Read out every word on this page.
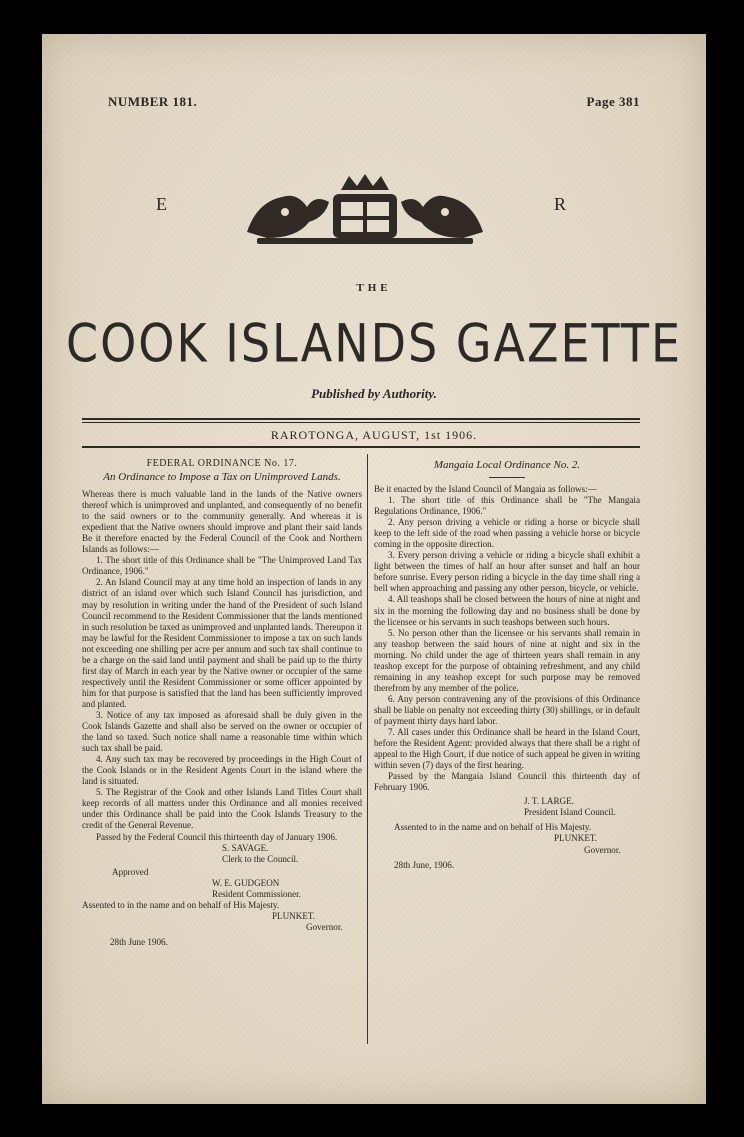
NUMBER 181.	Page 381
E	R
THE
COOK ISLANDS GAZETTE
Published by Authority.
RAROTONGA, AUGUST, 1st 1906.
FEDERAL ORDINANCE No. 17.
An Ordinance to Impose a Tax on Unimproved Lands.

Whereas there is much valuable land in the lands of the Native owners thereof which is unimproved and unplanted, and consequently of no benefit to the said owners or to the community generally. And whereas it is expedient that the Native owners should improve and plant their said lands Be it therefore enacted by the Federal Council of the Cook and Northern Islands as follows:—

1. The short title of this Ordinance shall be "The Unimproved Land Tax Ordinance, 1906."

2. An Island Council may at any time hold an inspection of lands in any district of an island over which such Island Council has jurisdiction, and may by resolution in writing under the hand of the President of such Island Council recommend to the Resident Commissioner that the lands mentioned in such resolution be taxed as unimproved and unplanted lands. Thereupon it may be lawful for the Resident Commissioner to impose a tax on such lands not exceeding one shilling per acre per annum and such tax shall continue to be a charge on the said land until payment and shall be paid up to the thirty first day of March in each year by the Native owner or occupier of the same respectively until the Resident Commissioner or some officer appointed by him for that purpose is satisfied that the land has been sufficiently improved and planted.

3. Notice of any tax imposed as aforesaid shall be duly given in the Cook Islands Gazette and shall also be served on the owner or occupier of the land so taxed. Such notice shall name a reasonable time within which such tax shall be paid.

4. Any such tax may be recovered by proceedings in the High Court of the Cook Islands or in the Resident Agents Court in the island where the land is situated.

5. The Registrar of the Cook and other Islands Land Titles Court shall keep records of all matters under this Ordinance and all monies received under this Ordinance shall be paid into the Cook Islands Treasury to the credit of the General Revenue.

Passed by the Federal Council this thirteenth day of January 1906.

S. SAVAGE.
Clerk to the Council.
Approved
W. E. GUDGEON
Resident Commissioner.
Assented to in the name and on behalf of His Majesty.
PLUNKET.
Governor.
28th June 1906.
Mangaia Local Ordinance No. 2.

Be it enacted by the Island Council of Mangaia as follows:—

1. The short title of this Ordinance shall be "The Mangaia Regulations Ordinance, 1906."

2. Any person driving a vehicle or riding a horse or bicycle shall keep to the left side of the road when passing a vehicle horse or bicycle coming in the opposite direction.

3. Every person driving a vehicle or riding a bicycle shall exhibit a light between the times of half an hour after sunset and half an hour before sunrise. Every person riding a bicycle in the day time shall ring a bell when approaching and passing any other person, bicycle, or vehicle.

4. All teashops shall be closed between the hours of nine at night and six in the morning the following day and no business shall be done by the licensee or his servants in such teashops between such hours.

5. No person other than the licensee or his servants shall remain in any teashop between the said hours of nine at night and six in the morning. No child under the age of thirteen years shall remain in any teashop except for the purpose of obtaining refreshment, and any child remaining in any teashop except for such purpose may be removed therefrom by any member of the police.

6. Any person contravening any of the provisions of this Ordinance shall be liable on penalty not exceeding thirty (30) shillings, or in default of payment thirty days hard labor.

7. All cases under this Ordinance shall be heard in the Island Court, before the Resident Agent: provided always that there shall be a right of appeal to the High Court, if due notice of such appeal be given in writing within seven (7) days of the first hearing.

Passed by the Mangaia Island Council this thirteenth day of February 1906.

J. T. LARGE.
President Island Council.
Assented to in the name and on behalf of His Majesty.
PLUNKET.
Governor.
28th June, 1906.
